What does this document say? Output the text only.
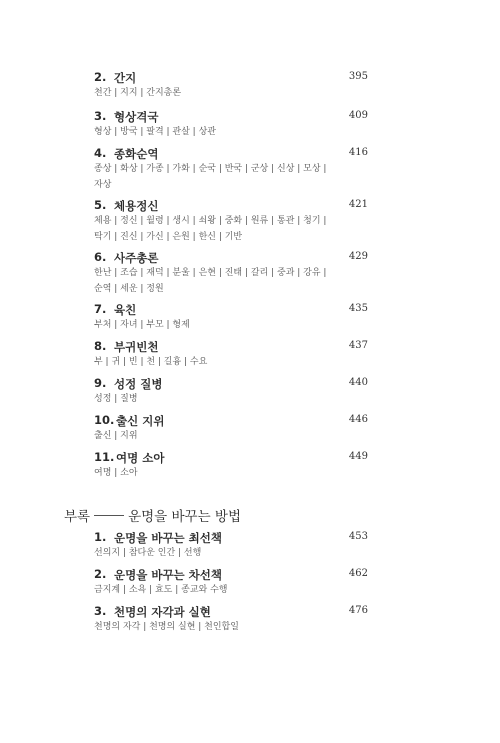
2. 간지	395
천간 | 지지 | 간지총론
3. 형상격국	409
형상 | 방국 | 팔격 | 관살 | 상관
4. 종화순역	416
종상 | 화상 | 가종 | 가화 | 순국 | 반국 | 군상 | 신상 | 모상 |
자상
5. 체용정신	421
체용 | 정신 | 월령 | 생시 | 쇠왕 | 중화 | 원류 | 통관 | 청기 |
탁기 | 진신 | 가신 | 은원 | 한신 | 기반
6. 사주총론	429
한난 | 조습 | 재덕 | 분울 | 은현 | 진태 | 갈리 | 중과 | 강유 |
순역 | 세운 | 정원
7. 육친	435
부처 | 자녀 | 부모 | 형제
8. 부귀빈천	437
부 | 귀 | 빈 | 천 | 길흉 | 수요
9. 성정 질병	440
성정 | 질병
10. 출신 지위	446
출신 | 지위
11. 여명 소아	449
여명 | 소아
부록	운명을 바꾸는 방법
1. 운명을 바꾸는 최선책	453
선의지 | 참다운 인간 | 선행
2. 운명을 바꾸는 차선책	462
금지계 | 소욕 | 효도 | 종교와 수행
3. 천명의 자각과 실현	476
천명의 자각 | 천명의 실현 | 천인합일
